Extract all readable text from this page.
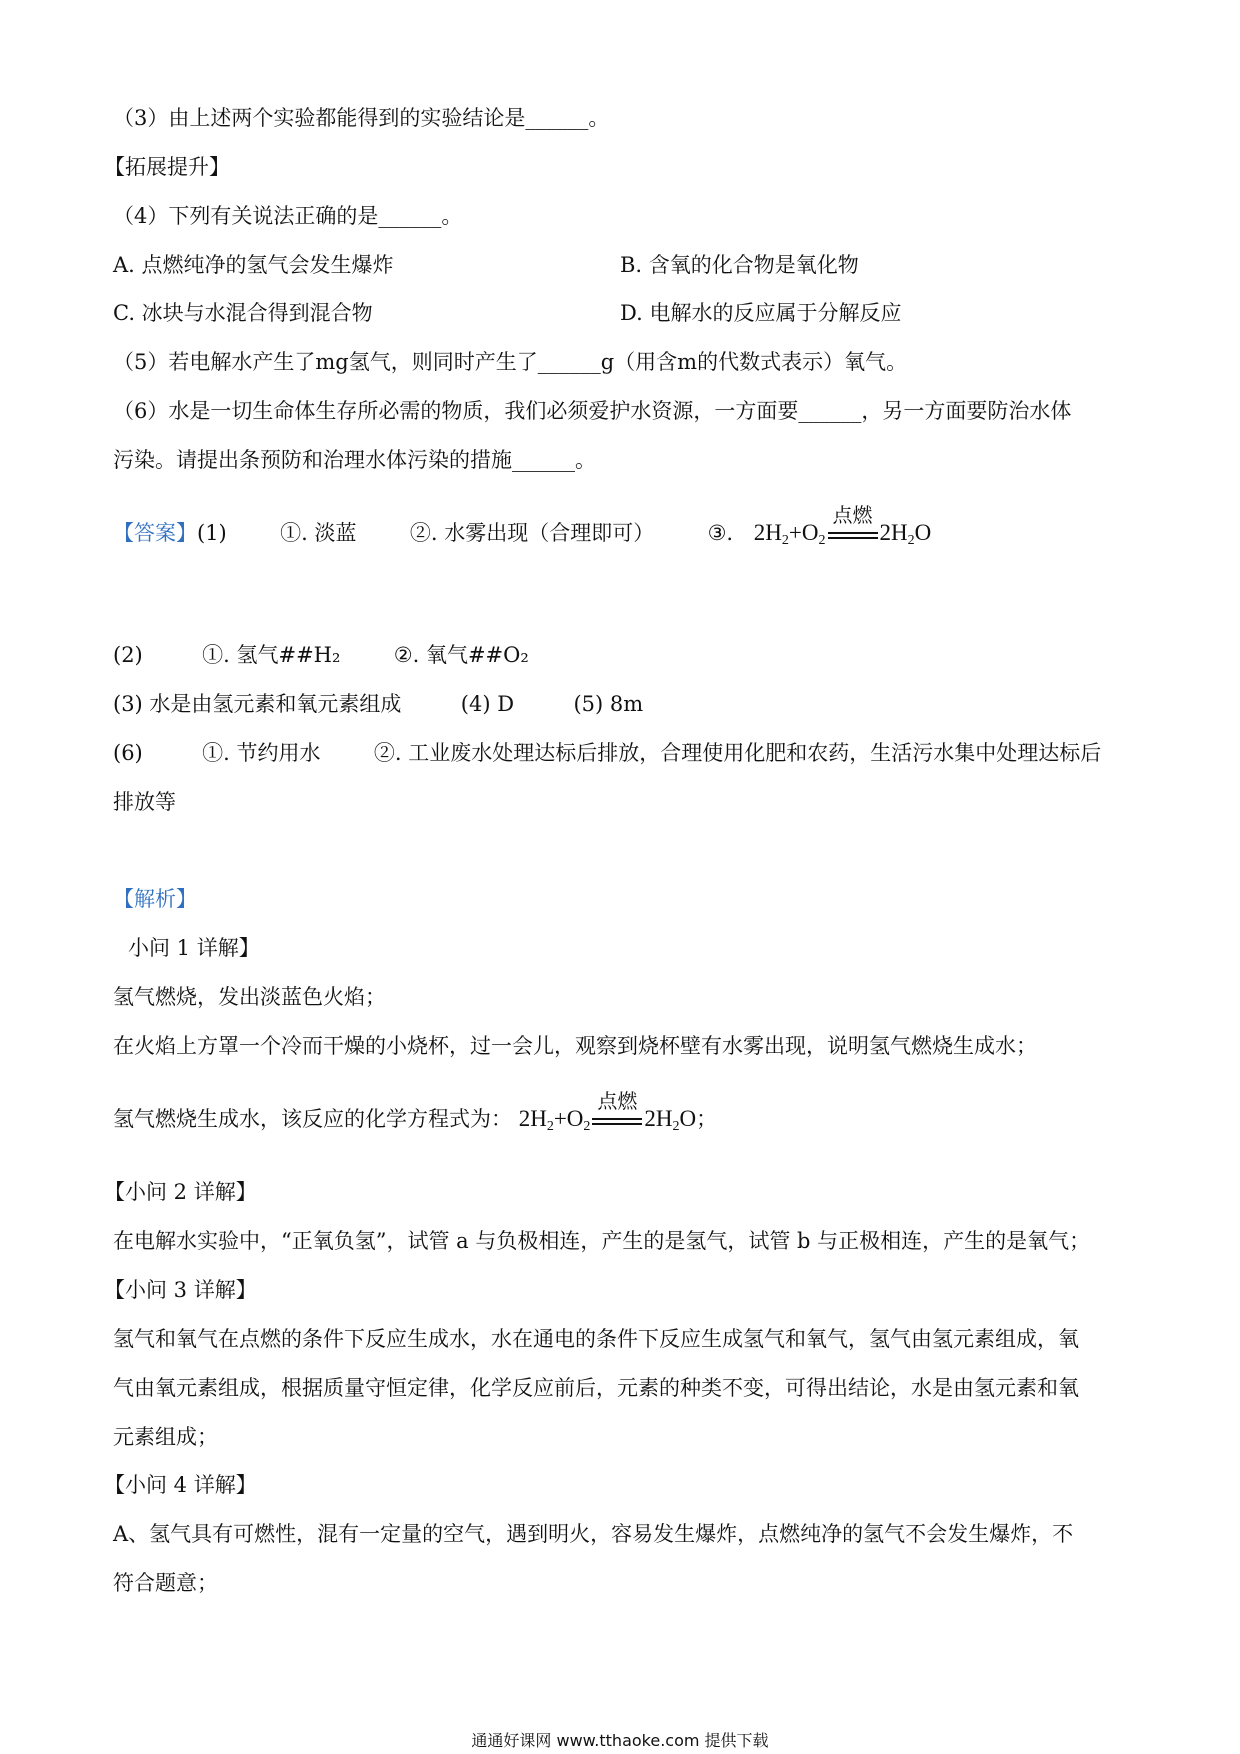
（3）由上述两个实验都能得到的实验结论是______。
【拓展提升】
（4）下列有关说法正确的是______。
A. 点燃纯净的氢气会发生爆炸	B. 含氧的化合物是氧化物
C. 冰块与水混合得到混合物	D. 电解水的反应属于分解反应
（5）若电解水产生了mg氢气，则同时产生了______g（用含m的代数式表示）氧气。
（6）水是一切生命体生存所必需的物质，我们必须爱护水资源，一方面要______，另一方面要防治水体
污染。请提出条预防和治理水体污染的措施______。
【答案】(1)	①. 淡蓝	②. 水雾出现（合理即可）	③. $2H_2+O_2$
点燃
$2H_2O$
(2)	①. 氢气##H₂	②. 氧气##O₂
(3) 水是由氢元素和氧元素组成	(4) D	(5) 8m
(6)	①. 节约用水	②. 工业废水处理达标后排放，合理使用化肥和农药，生活污水集中处理达标后
排放等
【解析】
小问 1 详解】
氢气燃烧，发出淡蓝色火焰；
在火焰上方罩一个冷而干燥的小烧杯，过一会儿，观察到烧杯壁有水雾出现，说明氢气燃烧生成水；
氢气燃烧生成水，该反应的化学方程式为： $2H_2+O_2$
点燃
$2H_2O$；
【小问 2 详解】
在电解水实验中，“正氧负氢”，试管 a 与负极相连，产生的是氢气，试管 b 与正极相连，产生的是氧气；
【小问 3 详解】
氢气和氧气在点燃的条件下反应生成水，水在通电的条件下反应生成氢气和氧气，氢气由氢元素组成，氧
气由氧元素组成，根据质量守恒定律，化学反应前后，元素的种类不变，可得出结论，水是由氢元素和氧
元素组成；
【小问 4 详解】
A、氢气具有可燃性，混有一定量的空气，遇到明火，容易发生爆炸，点燃纯净的氢气不会发生爆炸，不
符合题意；
通通好课网 www.tthaoke.com 提供下载
